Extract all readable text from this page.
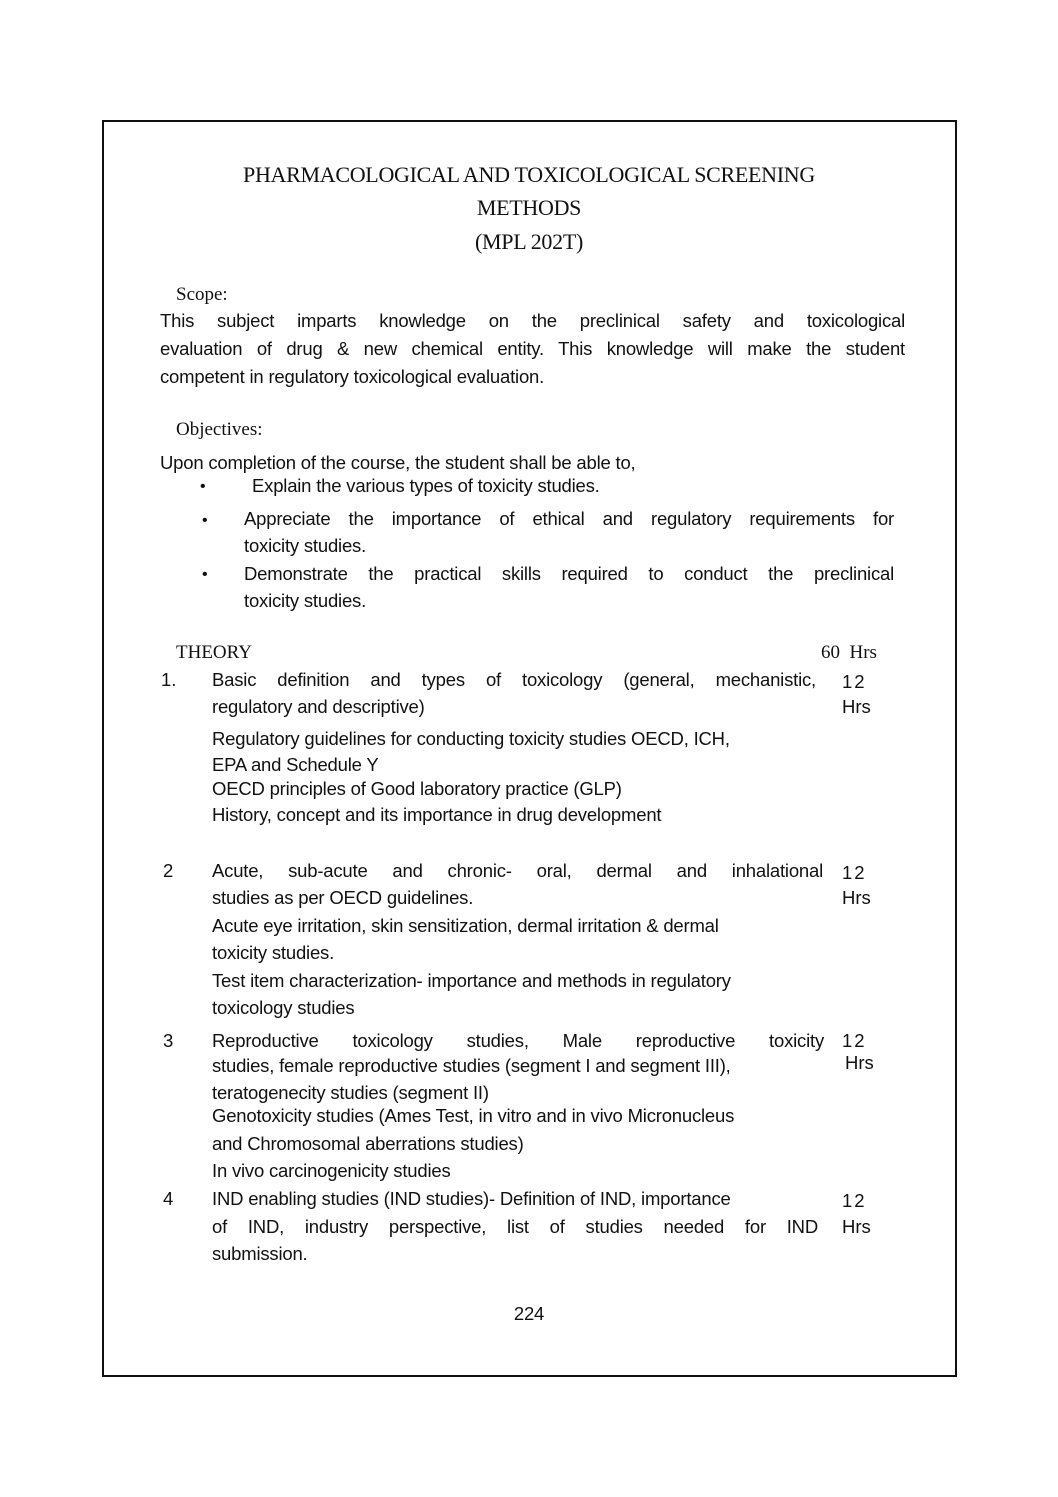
PHARMACOLOGICAL AND TOXICOLOGICAL SCREENING

METHODS

(MPL 202T)

Scope:

This subject imparts knowledge on the preclinical safety and toxicological

evaluation of drug & new chemical entity. This knowledge will make the student

competent in regulatory toxicological evaluation.

Objectives:

Upon completion of the course, the student shall be able to,

•	Explain the various types of toxicity studies.

• Appreciate the importance of ethical and regulatory requirements for

toxicity studies.

• Demonstrate the practical skills required to conduct the preclinical

toxicity studies.

THEORY	60  Hrs

1. Basic definition and types of toxicology (general, mechanistic,

regulatory and descriptive)

Regulatory guidelines for conducting toxicity studies OECD, ICH,

EPA and Schedule Y

OECD principles of Good laboratory practice (GLP)

History, concept and its importance in drug development

12

Hrs

2 Acute, sub-acute and chronic- oral, dermal and inhalational

studies as per OECD guidelines.

Acute eye irritation, skin sensitization, dermal irritation & dermal

toxicity studies.

Test item characterization- importance and methods in regulatory

toxicology studies

12

Hrs

3 Reproductive toxicology studies, Male reproductive toxicity

studies, female reproductive studies (segment I and segment III),

teratogenecity studies (segment II)

Genotoxicity studies (Ames Test, in vitro and in vivo Micronucleus

and Chromosomal aberrations studies)

In vivo carcinogenicity studies

12

Hrs

4 IND enabling studies (IND studies)- Definition of IND, importance

of IND, industry perspective, list of studies needed for IND

submission.

12

Hrs

224
